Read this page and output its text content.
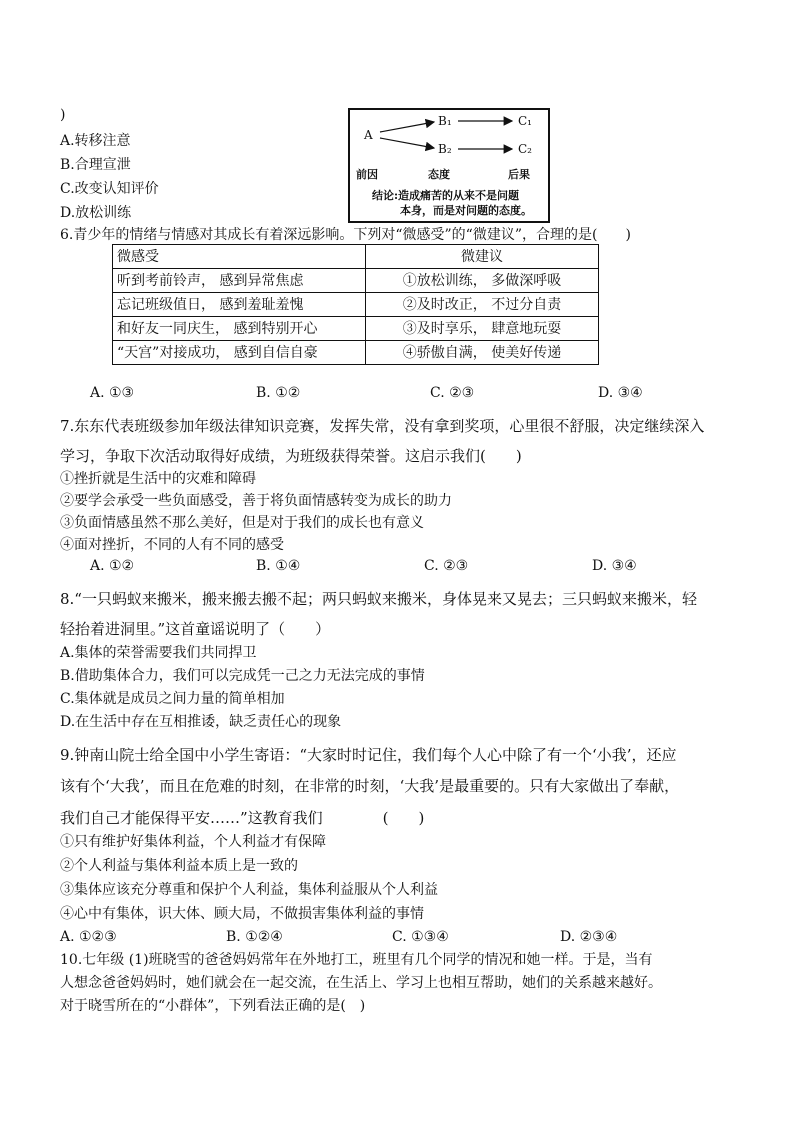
)
A.转移注意
B.合理宣泄
C.改变认知评价
D.放松训练
A
B₁
B₂
C₁
C₂
前因	态度	后果
结论:造成痛苦的从来不是问题
本身，而是对问题的态度。
6.青少年的情绪与情感对其成长有着深远影响。下列对“微感受”的“微建议”，合理的是(　　)
微感受	微建议
听到考前铃声， 感到异常焦虑	①放松训练， 多做深呼吸
忘记班级值日， 感到羞耻羞愧	②及时改正， 不过分自责
和好友一同庆生， 感到特别开心	③及时享乐， 肆意地玩耍
“天宫”对接成功， 感到自信自豪	④骄傲自满， 使美好传递
A. ①③	B. ①②	C. ②③	D. ③④
7.东东代表班级参加年级法律知识竞赛，发挥失常，没有拿到奖项，心里很不舒服，决定继续深入
学习，争取下次活动取得好成绩，为班级获得荣誉。这启示我们(　　)
①挫折就是生活中的灾难和障碍
②要学会承受一些负面感受，善于将负面情感转变为成长的助力
③负面情感虽然不那么美好，但是对于我们的成长也有意义
④面对挫折，不同的人有不同的感受
A. ①②	B. ①④	C. ②③	D. ③④
8.“一只蚂蚁来搬米，搬来搬去搬不起；两只蚂蚁来搬米，身体晃来又晃去；三只蚂蚁来搬米，轻
轻抬着进洞里。”这首童谣说明了（　　）
A.集体的荣誉需要我们共同捍卫
B.借助集体合力，我们可以完成凭一己之力无法完成的事情
C.集体就是成员之间力量的简单相加
D.在生活中存在互相推诿，缺乏责任心的现象
9.钟南山院士给全国中小学生寄语：“大家时时记住，我们每个人心中除了有一个‘小我’，还应
该有个‘大我’，而且在危难的时刻，在非常的时刻，‘大我’是最重要的。只有大家做出了奉献，
我们自己才能保得平安……”这教育我们　　　　(　　)
①只有维护好集体利益，个人利益才有保障
②个人利益与集体利益本质上是一致的
③集体应该充分尊重和保护个人利益，集体利益服从个人利益
④心中有集体，识大体、顾大局，不做损害集体利益的事情
A. ①②③	B. ①②④	C. ①③④	D. ②③④
10.七年级 (1)班晓雪的爸爸妈妈常年在外地打工，班里有几个同学的情况和她一样。于是，当有
人想念爸爸妈妈时，她们就会在一起交流，在生活上、学习上也相互帮助，她们的关系越来越好。
对于晓雪所在的“小群体”，下列看法正确的是(　)
